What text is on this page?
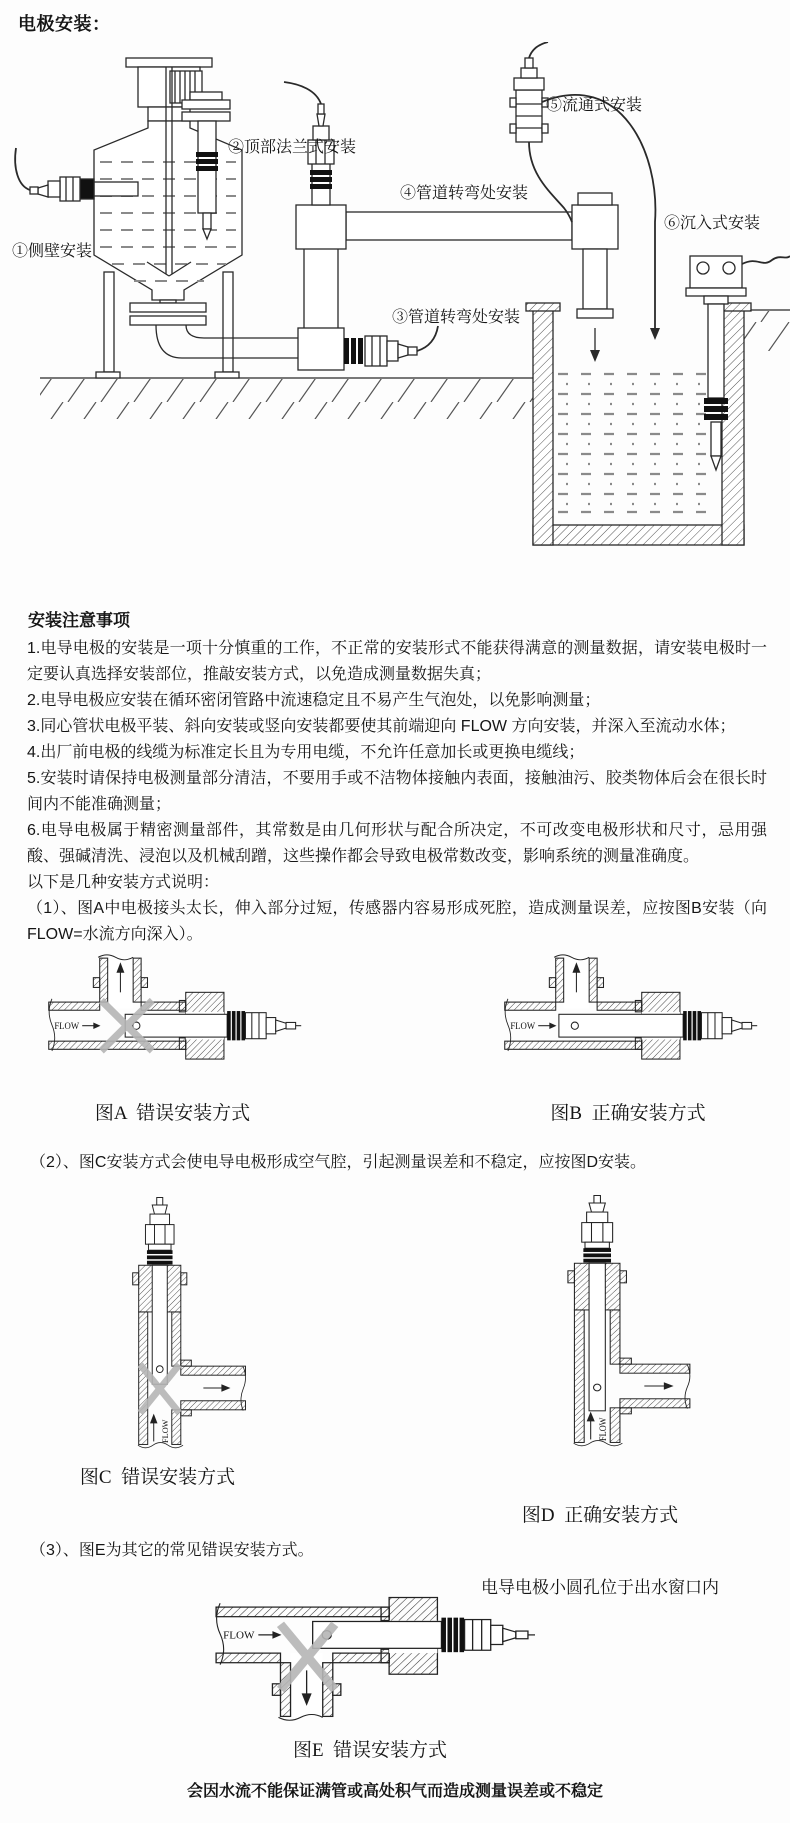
电极安装：
①侧壁安装
②顶部法兰式安装
③管道转弯处安装
④管道转弯处安装
⑤流通式安装
⑥沉入式安装
安装注意事项

1.电导电极的安装是一项十分慎重的工作，不正常的安装形式不能获得满意的测量数据，请安装电极时一定要认真选择安装部位，推敲安装方式，以免造成测量数据失真；

2.电导电极应安装在循环密闭管路中流速稳定且不易产生气泡处，以免影响测量；

3.同心管状电极平装、斜向安装或竖向安装都要使其前端迎向 FLOW 方向安装，并深入至流动水体；

4.出厂前电极的线缆为标准定长且为专用电缆，不允许任意加长或更换电缆线；

5.安装时请保持电极测量部分清洁，不要用手或不洁物体接触内表面，接触油污、胶类物体后会在很长时间内不能准确测量；

6.电导电极属于精密测量部件，其常数是由几何形状与配合所决定，不可改变电极形状和尺寸，忌用强酸、强碱清洗、浸泡以及机械刮蹭，这些操作都会导致电极常数改变，影响系统的测量准确度。

以下是几种安装方式说明：

（1）、图A中电极接头太长，伸入部分过短，传感器内容易形成死腔，造成测量误差，应按图B安装（向FLOW=水流方向深入）。

FLOW
图A  错误安装方式
FLOW
图B  正确安装方式
（2）、图C安装方式会使电导电极形成空气腔，引起测量误差和不稳定，应按图D安装。
FLOW
图C  错误安装方式
FLOW

图D  正确安装方式

电导电极小圆孔位于出水窗口内

（3）、图E为其它的常见错误安装方式。
FLOW
图E  错误安装方式
会因水流不能保证满管或高处积气而造成测量误差或不稳定
